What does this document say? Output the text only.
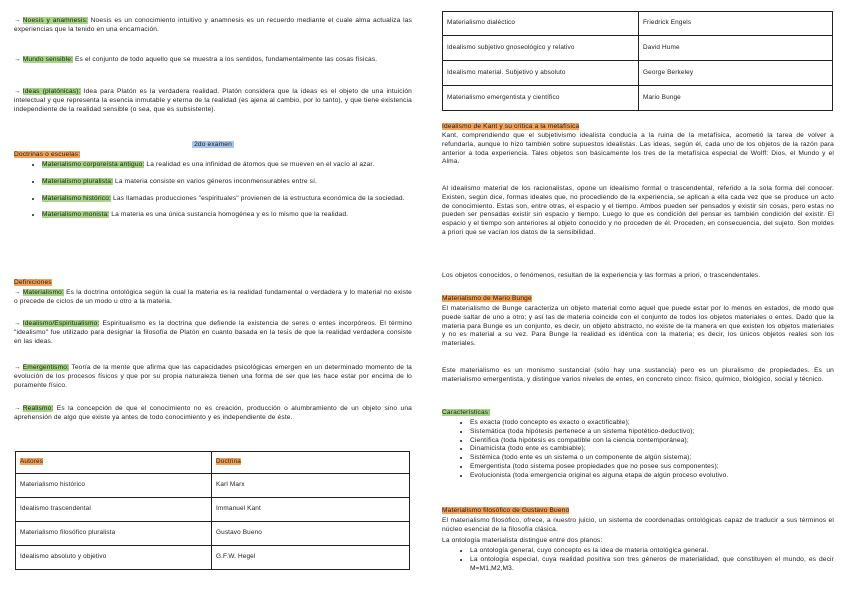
→ Noesis y anamnesis: Noesis es un conocimiento intuitivo y anamnesis es un recuerdo mediante el cuale alma actualiza las experiencias que la tenido en una encarnación.

→ Mundo sensible: Es el conjunto de todo aquello que se muestra a los sentidos, fundamentalmente las cosas físicas.

→ Ideas (platónicas): Idea para Platón es la verdadera realidad. Platón considera que la ideas es el objeto de una intuición intelectual y que representa la esencia inmutable y eterna de la realidad (es ajena al cambio, por lo tanto), y que tiene existencia independiente de la realidad sensible (o sea, que es subsistente).

2do examen
Doctrinas o escuelas:
• Materialismo corporeísta antiguo: La realidad es una infinidad de átomos que se mueven en el vacío al azar.
• Materialismo pluralista: La materia consiste en varios géneros inconmensurables entre sí.
• Materialismo histórico: Las llamadas producciones "espirituales" provienen de la estructura económica de la sociedad.
• Materialismo monista: La materia es una única sustancia homogénea y es lo mismo que la realidad.
Definiciones

→ Materialismo: Es la doctrina ontológica según la cual la materia es la realidad fundamental o verdadera y lo material no existe o precede de ciclos de un modo u otro a la materia.

→ Idealismo/Espiritualismo: Espiritualismo es la doctrina que defiende la existencia de seres o entes incorpóreos. El término "idealismo" fue utilizado para designar la filosofía de Platón en cuanto basada en la tesis de que la realidad verdadera consiste en las ideas.

→ Emergentismo: Teoría de la mente que afirma que las capacidades psicológicas emergen en un determinado momento de la evolución de los procesos físicos y que por su propia naturaleza tienen una forma de ser que les hace estar por encima de lo puramente físico.

→ Realismo: Es la concepción de que el conocimiento no es creación, producción o alumbramiento de un objeto sino una aprehensión de algo que existe ya antes de todo conocimiento y es independiente de éste.

Autores	Doctrina
Materialismo histórico	Karl Marx
Idealismo trascendental	Immanuel Kant
Materialismo filosófico pluralista	Gustavo Bueno
Idealismo absoluto y objetivo	G.F.W. Hegel
Materialismo dialéctico	Friedrick Engels
Idealismo subjetivo gnoseológico y relativo	David Hume
Idealismo material. Subjetivo y absoluto	George Berkeley
Materialismo emergentista y científico	Mario Bunge
Idealismo de Kant y su crítica a la metafísica

Kant, comprendiendo que el subjetivismo idealista conducía a la ruina de la metafísica, acometió la tarea de volver a refundarla, aunque lo hizo también sobre supuestos idealistas. Las ideas, según él, cada uno de los objetos de la razón para anterior a toda experiencia. Tales objetos son básicamente los tres de la metafísica especial de Wolff: Dios, el Mundo y el Alma.

Al idealismo material de los racionalistas, opone un idealismo formal o trascendental, referido a la sola forma del conocer. Existen, según dice, formas ideales que, no procediendo de la experiencia, se aplican a ella cada vez que se produce un acto de conocimiento. Estas son, entre otras, el espacio y el tiempo. Ambos pueden ser pensados y existir sin cosas, pero estas no pueden ser pensadas existir sin espacio y tiempo. Luego lo que es condición del pensar es también condición del existir. El espacio y el tiempo son anteriores al objeto conocido y no proceden de él. Proceden, en consecuencia, del sujeto. Son moldes a priori que se vacían los datos de la sensibilidad.

Los objetos conocidos, o fenómenos, resultan de la experiencia y las formas a priori, o trascendentales.

Materialismo de Mario Bunge

El materialismo de Bunge caracteriza un objeto material como aquel que puede estar por lo menos en estados, de modo que puede saltar de uno a otro; y así las de materia coincide con el conjunto de todos los objetos materiales o entes. Dado que la materia para Bunge es un conjunto, es decir, un objeto abstracto, no existe de la manera en que existen los objetos materiales y no es material a su vez. Para Bunge la realidad es idéntica con la materia; es decir, los únicos objetos reales son los materiales.

Este materialismo es un monismo sustancial (sólo hay una sustancia) pero es un pluralismo de propiedades. Es un materialismo emergentista, y distingue varios niveles de entes, en concreto cinco: físico, químico, biológico, social y técnico.

Características:
• Es exacta (todo concepto es exacto o exactificable);
• Sistemática (toda hipótesis pertenece a un sistema hipotético-deductivo);
• Científica (toda hipótesis es compatible con la ciencia contemporánea);
• Dinamicista (todo ente es cambiable);
• Sistémica (todo ente es un sistema o un componente de algún sistema);
• Emergentista (todo sistema posee propiedades que no posee sus componentes);
• Evolucionista (toda emergencia original es alguna etapa de algún proceso evolutivo.
Materialismo filosófico de Gustavo Bueno

El materialismo filosófico, ofrece, a nuestro juicio, un sistema de coordenadas ontológicas capaz de traducir a sus términos el núcleo esencial de la filosofía clásica.

La ontología materialista distingue entre dos planos:

• La ontología general, cuyo concepto es la idea de materia ontológica general.
• La ontología especial, cuya realidad positiva son tres géneros de materialidad, que constituyen el mundo, es decir M=M1,M2,M3.
